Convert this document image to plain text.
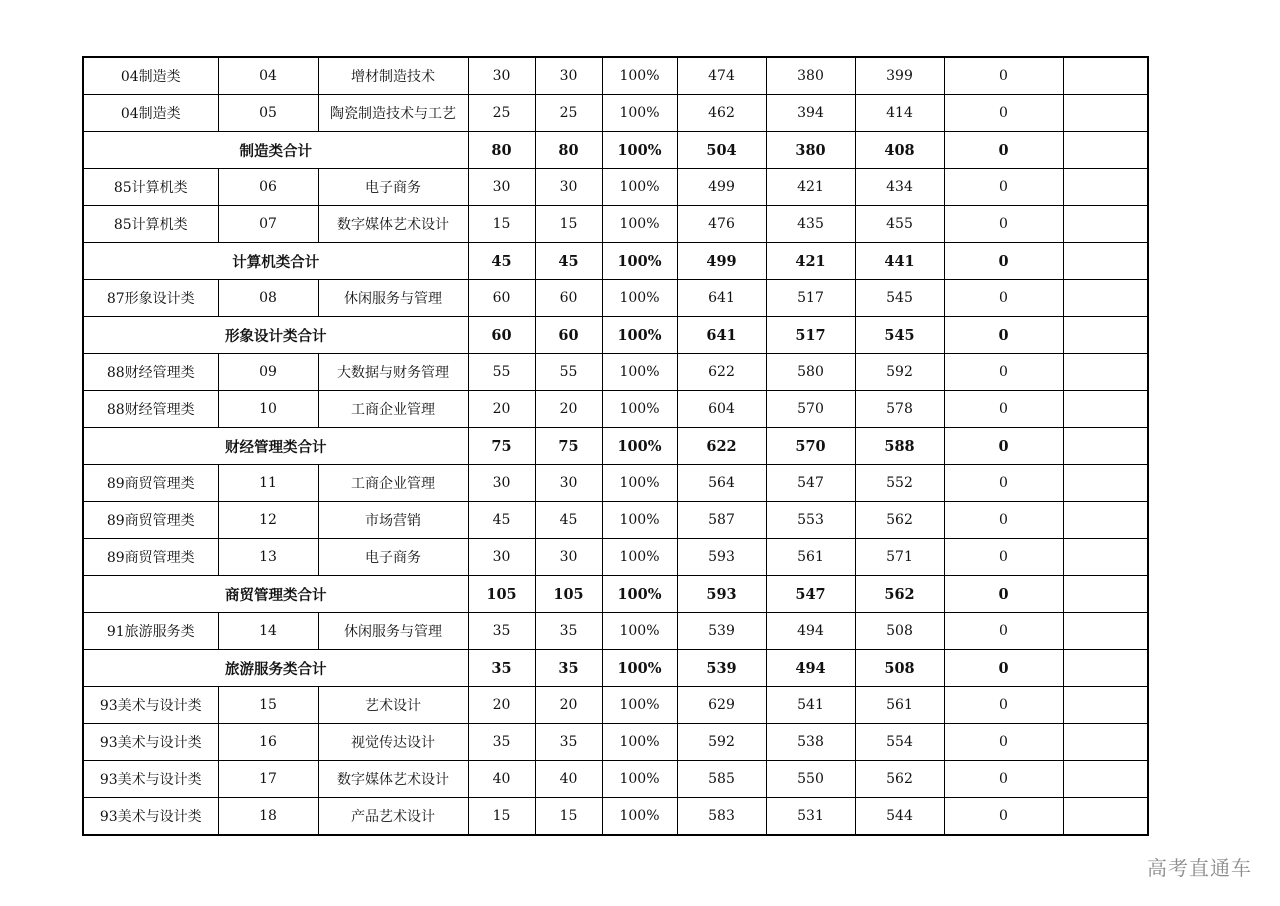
04制造类	04	增材制造技术	30	30	100%	474	380	399	0	
04制造类	05	陶瓷制造技术与工艺	25	25	100%	462	394	414	0	
制造类合计			80	80	100%	504	380	408	0	
85计算机类	06	电子商务	30	30	100%	499	421	434	0	
85计算机类	07	数字媒体艺术设计	15	15	100%	476	435	455	0	
计算机类合计			45	45	100%	499	421	441	0	
87形象设计类	08	休闲服务与管理	60	60	100%	641	517	545	0	
形象设计类合计			60	60	100%	641	517	545	0	
88财经管理类	09	大数据与财务管理	55	55	100%	622	580	592	0	
88财经管理类	10	工商企业管理	20	20	100%	604	570	578	0	
财经管理类合计			75	75	100%	622	570	588	0	
89商贸管理类	11	工商企业管理	30	30	100%	564	547	552	0	
89商贸管理类	12	市场营销	45	45	100%	587	553	562	0	
89商贸管理类	13	电子商务	30	30	100%	593	561	571	0	
商贸管理类合计			105	105	100%	593	547	562	0	
91旅游服务类	14	休闲服务与管理	35	35	100%	539	494	508	0	
旅游服务类合计			35	35	100%	539	494	508	0	
93美术与设计类	15	艺术设计	20	20	100%	629	541	561	0	
93美术与设计类	16	视觉传达设计	35	35	100%	592	538	554	0	
93美术与设计类	17	数字媒体艺术设计	40	40	100%	585	550	562	0	
93美术与设计类	18	产品艺术设计	15	15	100%	583	531	544	0	
高考直通车
